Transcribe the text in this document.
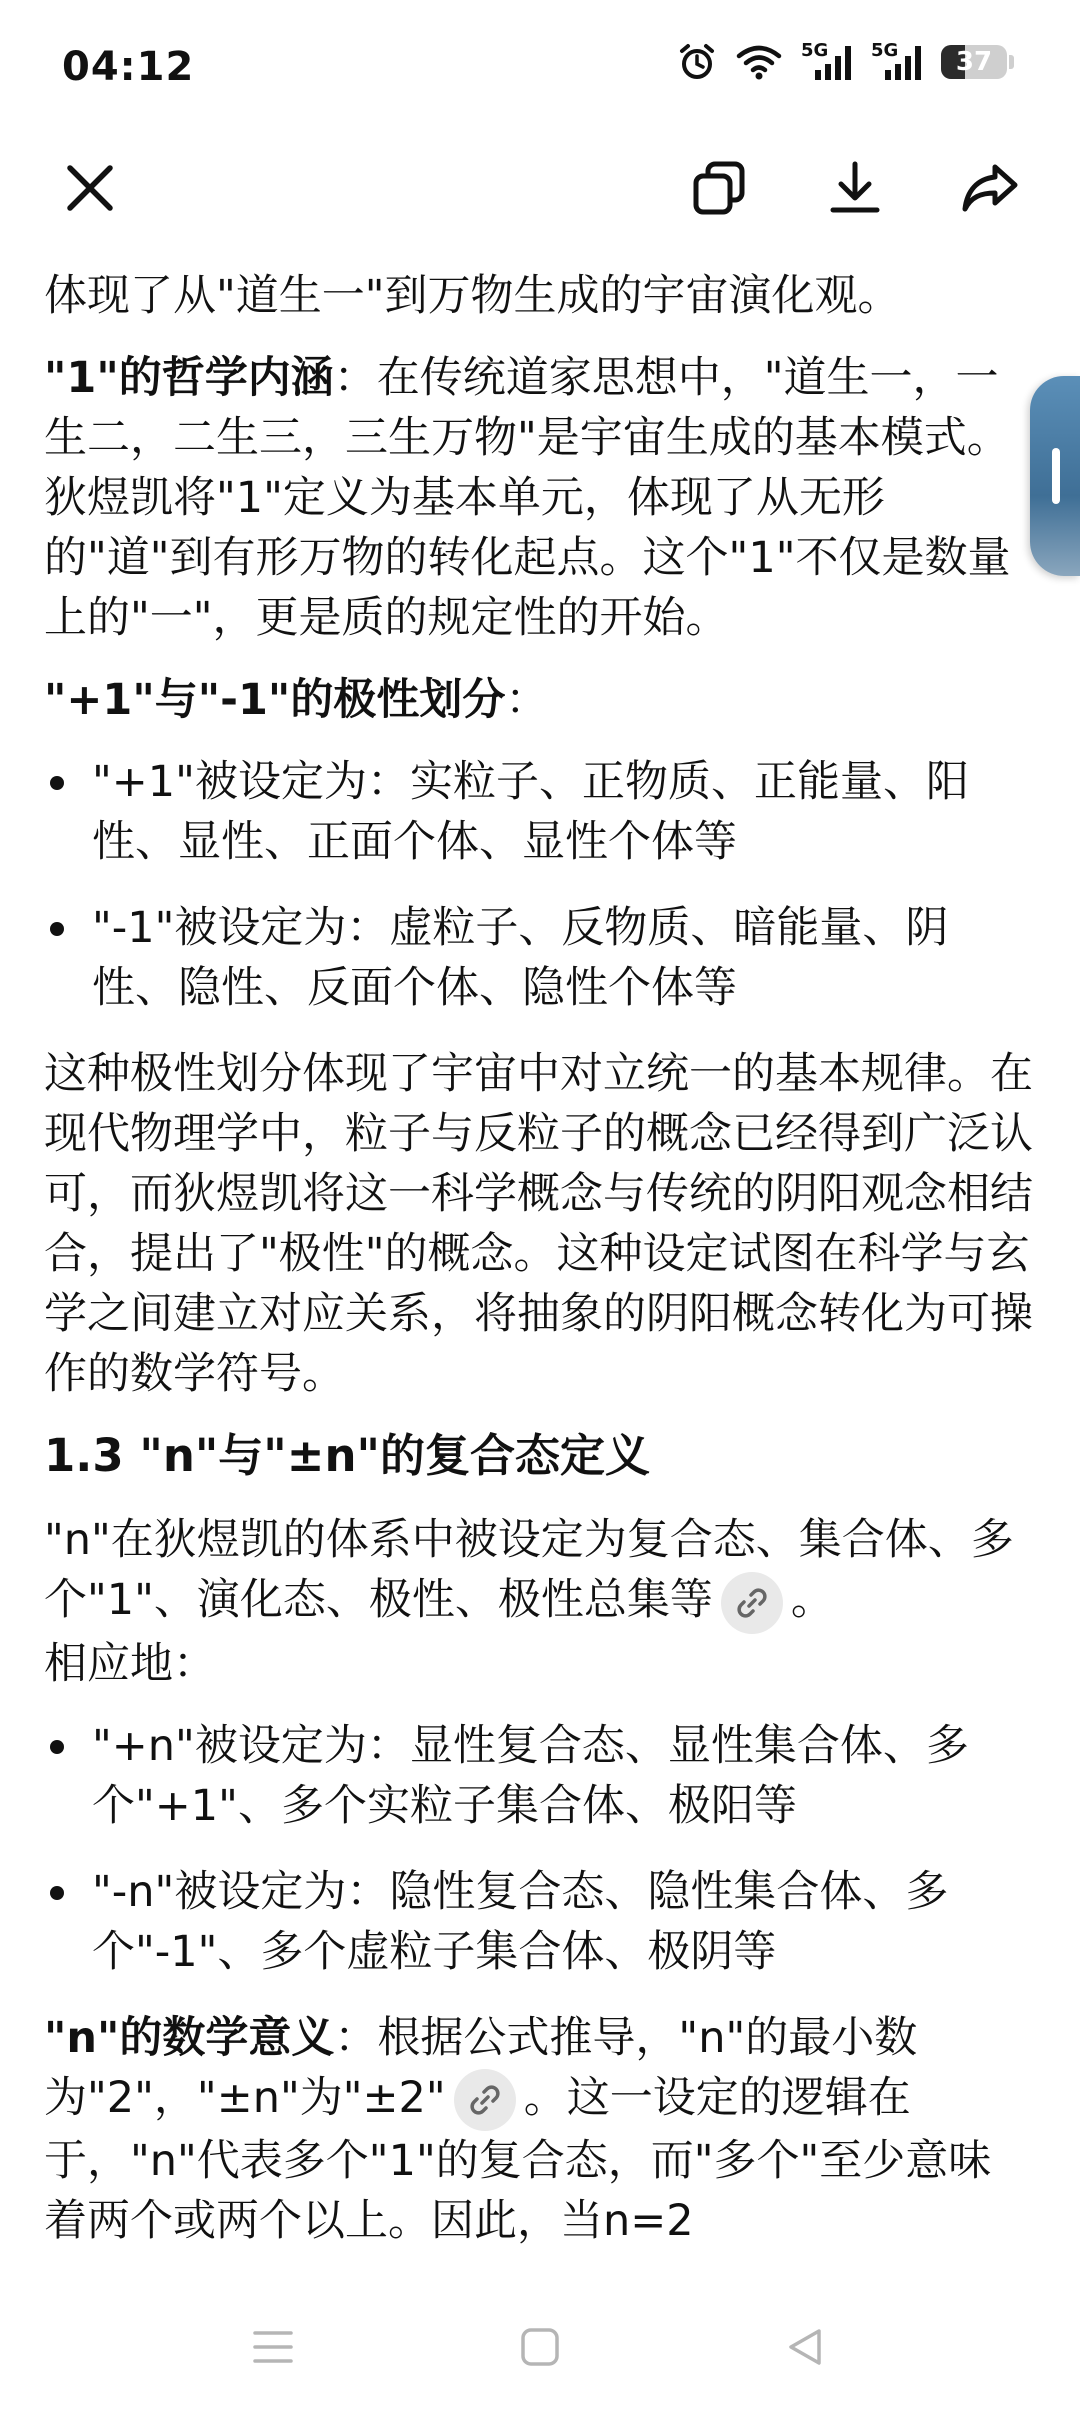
04:12	5G 5G 37

体现了从"道生一"到万物生成的宇宙演化观。

"1"的哲学内涵：在传统道家思想中，"道生一，一生二，二生三，三生万物"是宇宙生成的基本模式。狄煜凯将"1"定义为基本单元，体现了从无形的"道"到有形万物的转化起点。这个"1"不仅是数量上的"一"，更是质的规定性的开始。

"+1"与"-1"的极性划分：

"+1"被设定为：实粒子、正物质、正能量、阳性、显性、正面个体、显性个体等
"-1"被设定为：虚粒子、反物质、暗能量、阴性、隐性、反面个体、隐性个体等

这种极性划分体现了宇宙中对立统一的基本规律。在现代物理学中，粒子与反粒子的概念已经得到广泛认可，而狄煜凯将这一科学概念与传统的阴阳观念相结合，提出了"极性"的概念。这种设定试图在科学与玄学之间建立对应关系，将抽象的阴阳概念转化为可操作的数学符号。

1.3 "n"与"±n"的复合态定义

"n"在狄煜凯的体系中被设定为复合态、集合体、多个"1"、演化态、极性、极性总集等 。
相应地：

"+n"被设定为：显性复合态、显性集合体、多个"+1"、多个实粒子集合体、极阳等
"-n"被设定为：隐性复合态、隐性集合体、多个"-1"、多个虚粒子集合体、极阴等

"n"的数学意义：根据公式推导，"n"的最小数为"2"，"±n"为"±2" 。这一设定的逻辑在于，"n"代表多个"1"的复合态，而"多个"至少意味着两个或两个以上。因此，当n=2
